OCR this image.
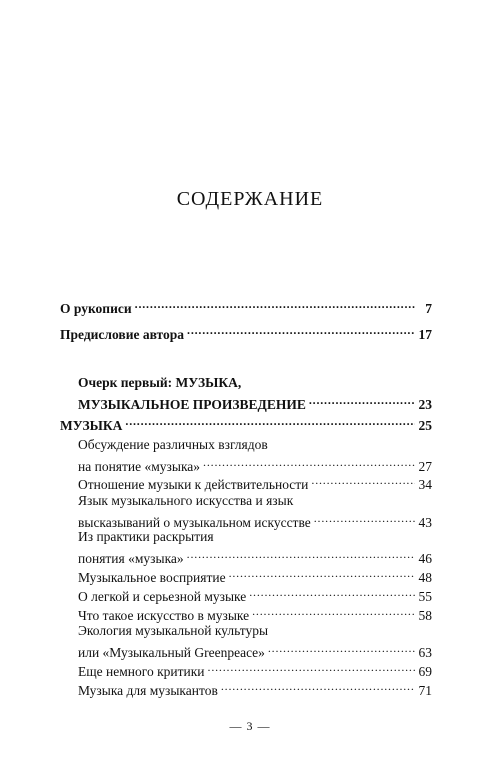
СОДЕРЖАНИЕ
О рукописи . . .	7
Предисловие автора . . .	17
Очерк первый: МУЗЫКА,
МУЗЫКАЛЬНОЕ ПРОИЗВЕДЕНИЕ . . .	23
МУЗЫКА . . .	25
Обсуждение различных взглядов
на понятие «музыка» . . .	27
Отношение музыки к действительности . . .	34
Язык музыкального искусства и язык
высказываний о музыкальном искусстве . . .	43
Из практики раскрытия
понятия «музыка» . . .	46
Музыкальное восприятие . . .	48
О легкой и серьезной музыке . . .	55
Что такое искусство в музыке . . .	58
Экология музыкальной культуры
или «Музыкальный Greenpeace» . . .	63
Еще немного критики . . .	69
Музыка для музыкантов . . .	71
— 3 —
